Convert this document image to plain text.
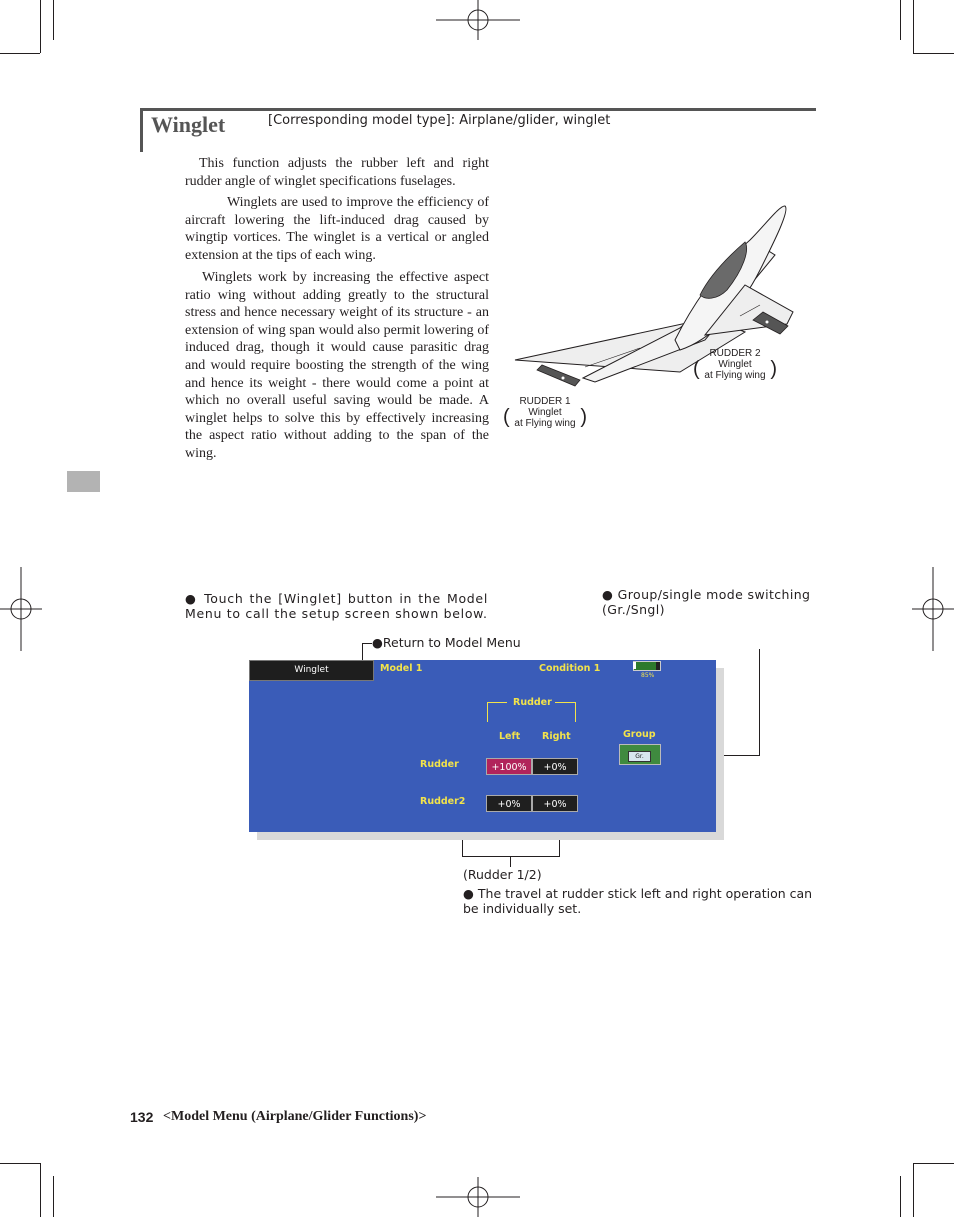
Winglet	[Corresponding model type]: Airplane/glider, winglet
This function adjusts the rubber left and right rudder angle of winglet specifications fuselages.
Winglets are used to improve the efficiency of aircraft lowering the lift-induced drag caused by wingtip vortices. The winglet is a vertical or angled extension at the tips of each wing.
Winglets work by increasing the effective aspect ratio wing without adding greatly to the structural stress and hence necessary weight of its structure - an extension of wing span would also permit lowering of induced drag, though it would cause parasitic drag and would require boosting the strength of the wing and hence its weight - there would come a point at which no overall useful saving would be made. A winglet helps to solve this by effectively increasing the aspect ratio without adding to the span of the wing.
RUDDER 2
Winglet
at Flying wing
(	)
RUDDER 1
Winglet
at Flying wing
(	)
● Touch the [Winglet] button in the Model Menu to call the setup screen shown below.
● Group/single mode switching (Gr./Sngl)
●Return to Model Menu
Winglet	Model 1	Condition 1
85%
Rudder
Left Right
Rudder	+100%	+0%
Rudder2	+0%	+0%
Group
Gr.
(Rudder 1/2)
● The travel at rudder stick left and right operation can be individually set.
132 <Model Menu (Airplane/Glider Functions)>
